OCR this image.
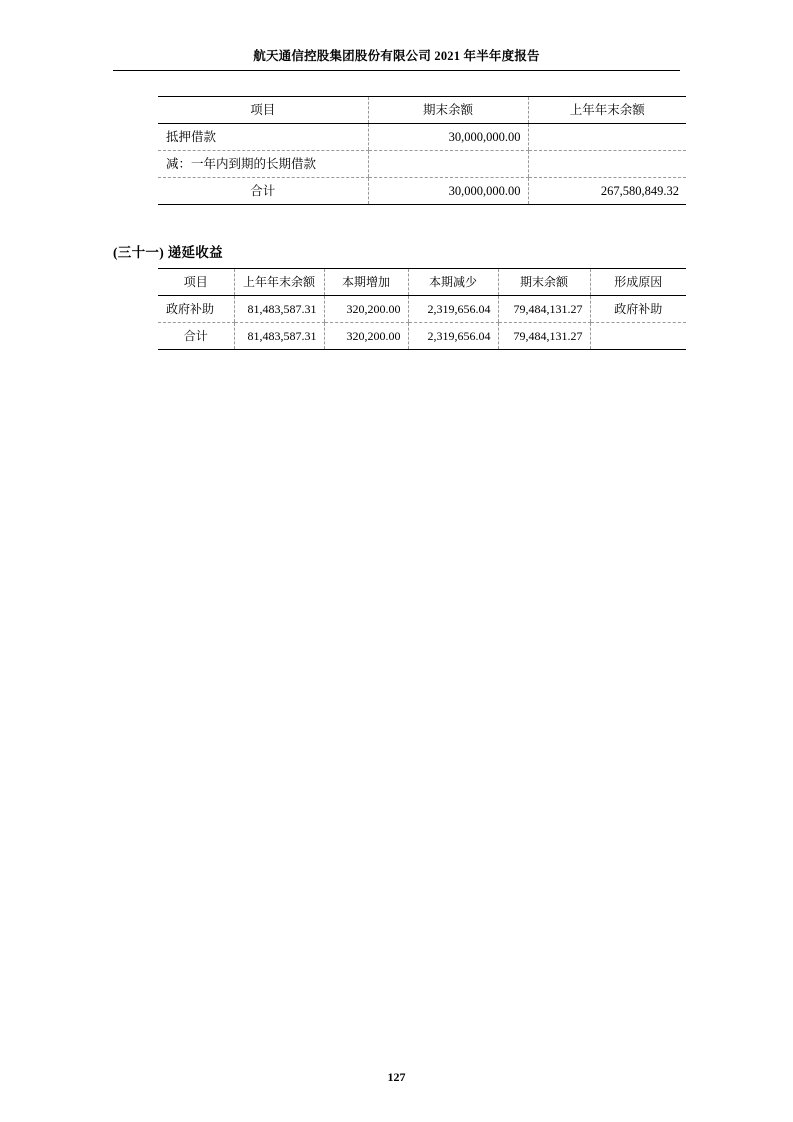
航天通信控股集团股份有限公司 2021 年半年度报告
项目	期末余额	上年年末余额
抵押借款	30,000,000.00	
减：一年内到期的长期借款		
合计	30,000,000.00	267,580,849.32
(三十一) 递延收益
项目	上年年末余额	本期增加	本期减少	期末余额	形成原因
政府补助	81,483,587.31	320,200.00	2,319,656.04	79,484,131.27	政府补助
合计	81,483,587.31	320,200.00	2,319,656.04	79,484,131.27	
127
